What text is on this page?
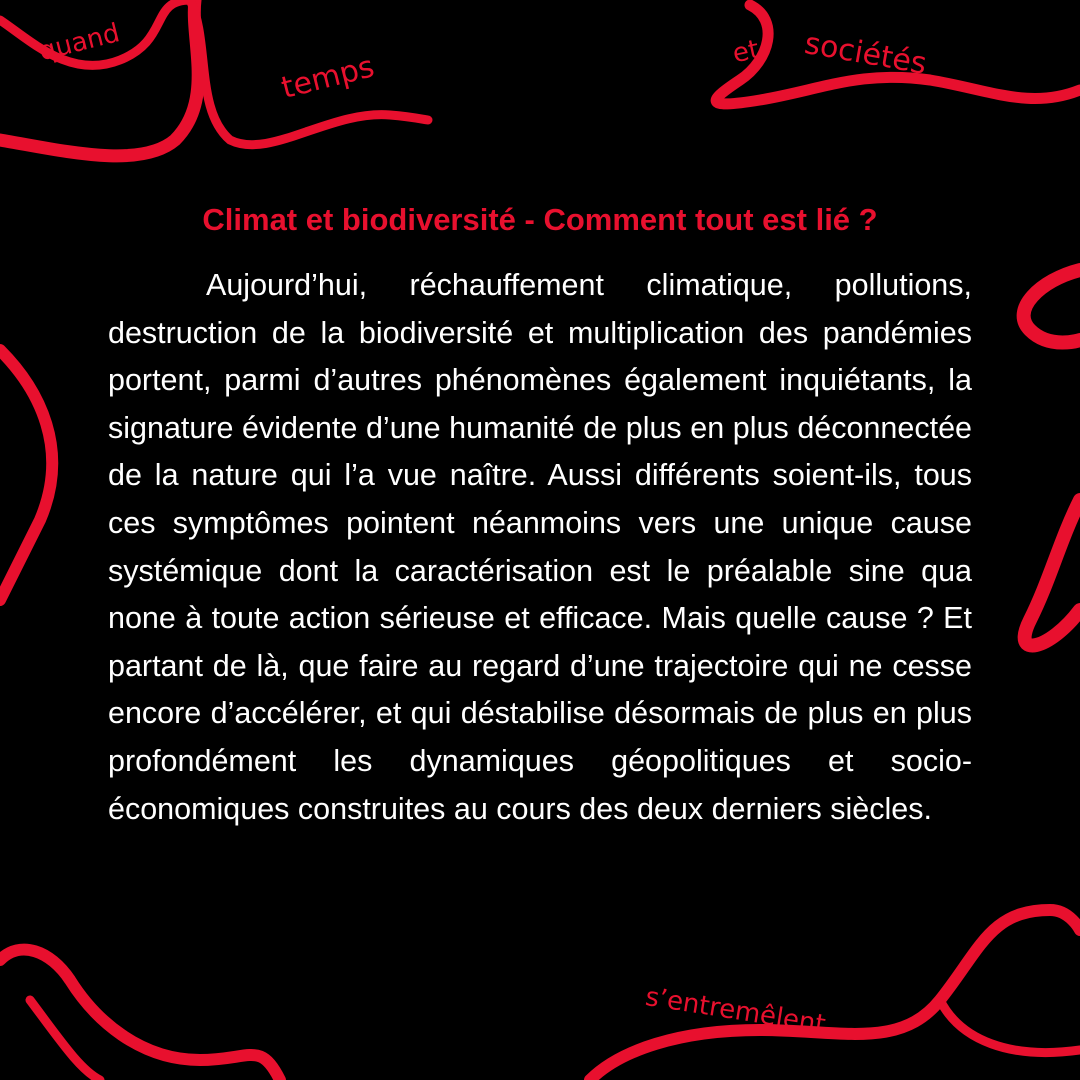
quand
temps	et sociétés
s’entremêlent
Climat et biodiversité - Comment tout est lié ?

Aujourd’hui, réchauffement climatique, pollutions, destruction de la biodiversité et multiplication des pandémies portent, parmi d’autres phénomènes également inquiétants, la signature évidente d’une humanité de plus en plus déconnectée de la nature qui l’a vue naître. Aussi différents soient-ils, tous ces symptômes pointent néanmoins vers une unique cause systémique dont la caractérisation est le préalable sine qua none à toute action sérieuse et efficace. Mais quelle cause ? Et partant de là, que faire au regard d’une trajectoire qui ne cesse encore d’accélérer, et qui déstabilise désormais de plus en plus profondément les dynamiques géopolitiques et socio-économiques construites au cours des deux derniers siècles.
